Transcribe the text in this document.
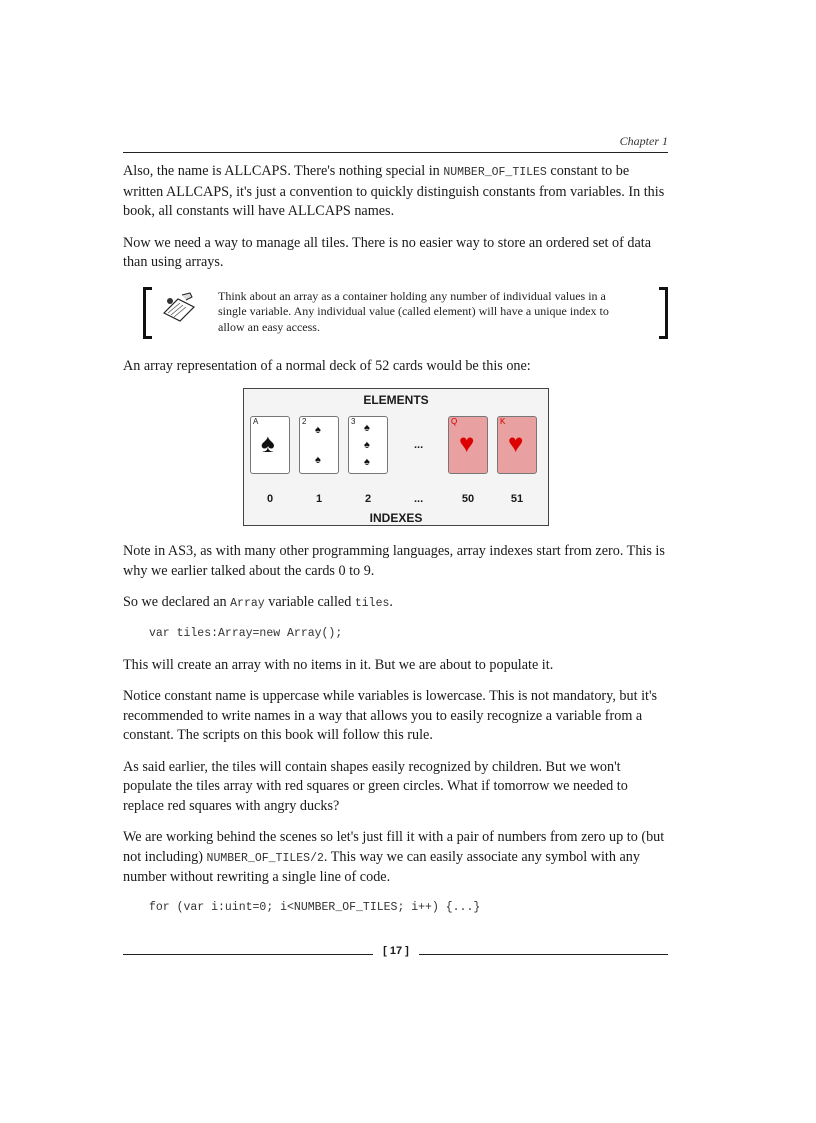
Chapter 1

Also, the name is ALLCAPS. There's nothing special in NUMBER_OF_TILES constant to be written ALLCAPS, it's just a convention to quickly distinguish constants from variables. In this book, all constants will have ALLCAPS names.

Now we need a way to manage all tiles. There is no easier way to store an ordered set of data than using arrays.

Think about an array as a container holding any number of individual values in a single variable. Any individual value (called element) will have a unique index to allow an easy access.

An array representation of a normal deck of 52 cards would be this one:

ELEMENTS
A
♠
2
♠
♠
3
♠
♠
♠
...
Q
♥
K
♥
0	1	2	...	50	51
INDEXES

Note in AS3, as with many other programming languages, array indexes start from zero. This is why we earlier talked about the cards 0 to 9.

So we declared an Array variable called tiles.

var tiles:Array=new Array();

This will create an array with no items in it. But we are about to populate it.

Notice constant name is uppercase while variables is lowercase. This is not mandatory, but it's recommended to write names in a way that allows you to easily recognize a variable from a constant. The scripts on this book will follow this rule.

As said earlier, the tiles will contain shapes easily recognized by children. But we won't populate the tiles array with red squares or green circles. What if tomorrow we needed to replace red squares with angry ducks?

We are working behind the scenes so let's just fill it with a pair of numbers from zero up to (but not including) NUMBER_OF_TILES/2. This way we can easily associate any symbol with any number without rewriting a single line of code.

for (var i:uint=0; i<NUMBER_OF_TILES; i++) {...}
[ 17 ]
